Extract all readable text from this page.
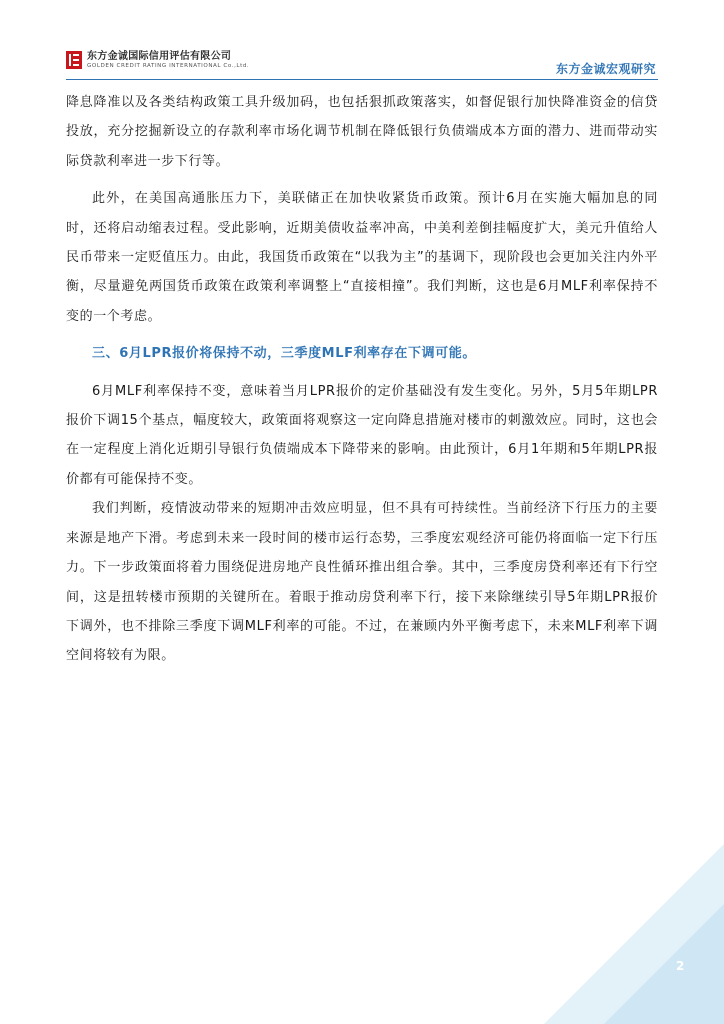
东方金诚国际信用评估有限公司
GOLDEN CREDIT RATING INTERNATIONAL Co.,Ltd.	东方金诚宏观研究

降息降准以及各类结构政策工具升级加码，也包括狠抓政策落实，如督促银行加快降准资金的信贷投放，充分挖掘新设立的存款利率市场化调节机制在降低银行负债端成本方面的潜力、进而带动实际贷款利率进一步下行等。

此外，在美国高通胀压力下，美联储正在加快收紧货币政策。预计6月在实施大幅加息的同时，还将启动缩表过程。受此影响，近期美债收益率冲高，中美利差倒挂幅度扩大，美元升值给人民币带来一定贬值压力。由此，我国货币政策在“以我为主”的基调下，现阶段也会更加关注内外平衡，尽量避免两国货币政策在政策利率调整上“直接相撞”。我们判断，这也是6月MLF利率保持不变的一个考虑。

三、6月LPR报价将保持不动，三季度MLF利率存在下调可能。

6月MLF利率保持不变，意味着当月LPR报价的定价基础没有发生变化。另外，5月5年期LPR报价下调15个基点，幅度较大，政策面将观察这一定向降息措施对楼市的刺激效应。同时，这也会在一定程度上消化近期引导银行负债端成本下降带来的影响。由此预计，6月1年期和5年期LPR报价都有可能保持不变。

我们判断，疫情波动带来的短期冲击效应明显，但不具有可持续性。当前经济下行压力的主要来源是地产下滑。考虑到未来一段时间的楼市运行态势，三季度宏观经济可能仍将面临一定下行压力。下一步政策面将着力围绕促进房地产良性循环推出组合拳。其中，三季度房贷利率还有下行空间，这是扭转楼市预期的关键所在。着眼于推动房贷利率下行，接下来除继续引导5年期LPR报价下调外，也不排除三季度下调MLF利率的可能。不过，在兼顾内外平衡考虑下，未来MLF利率下调空间将较有为限。

2
